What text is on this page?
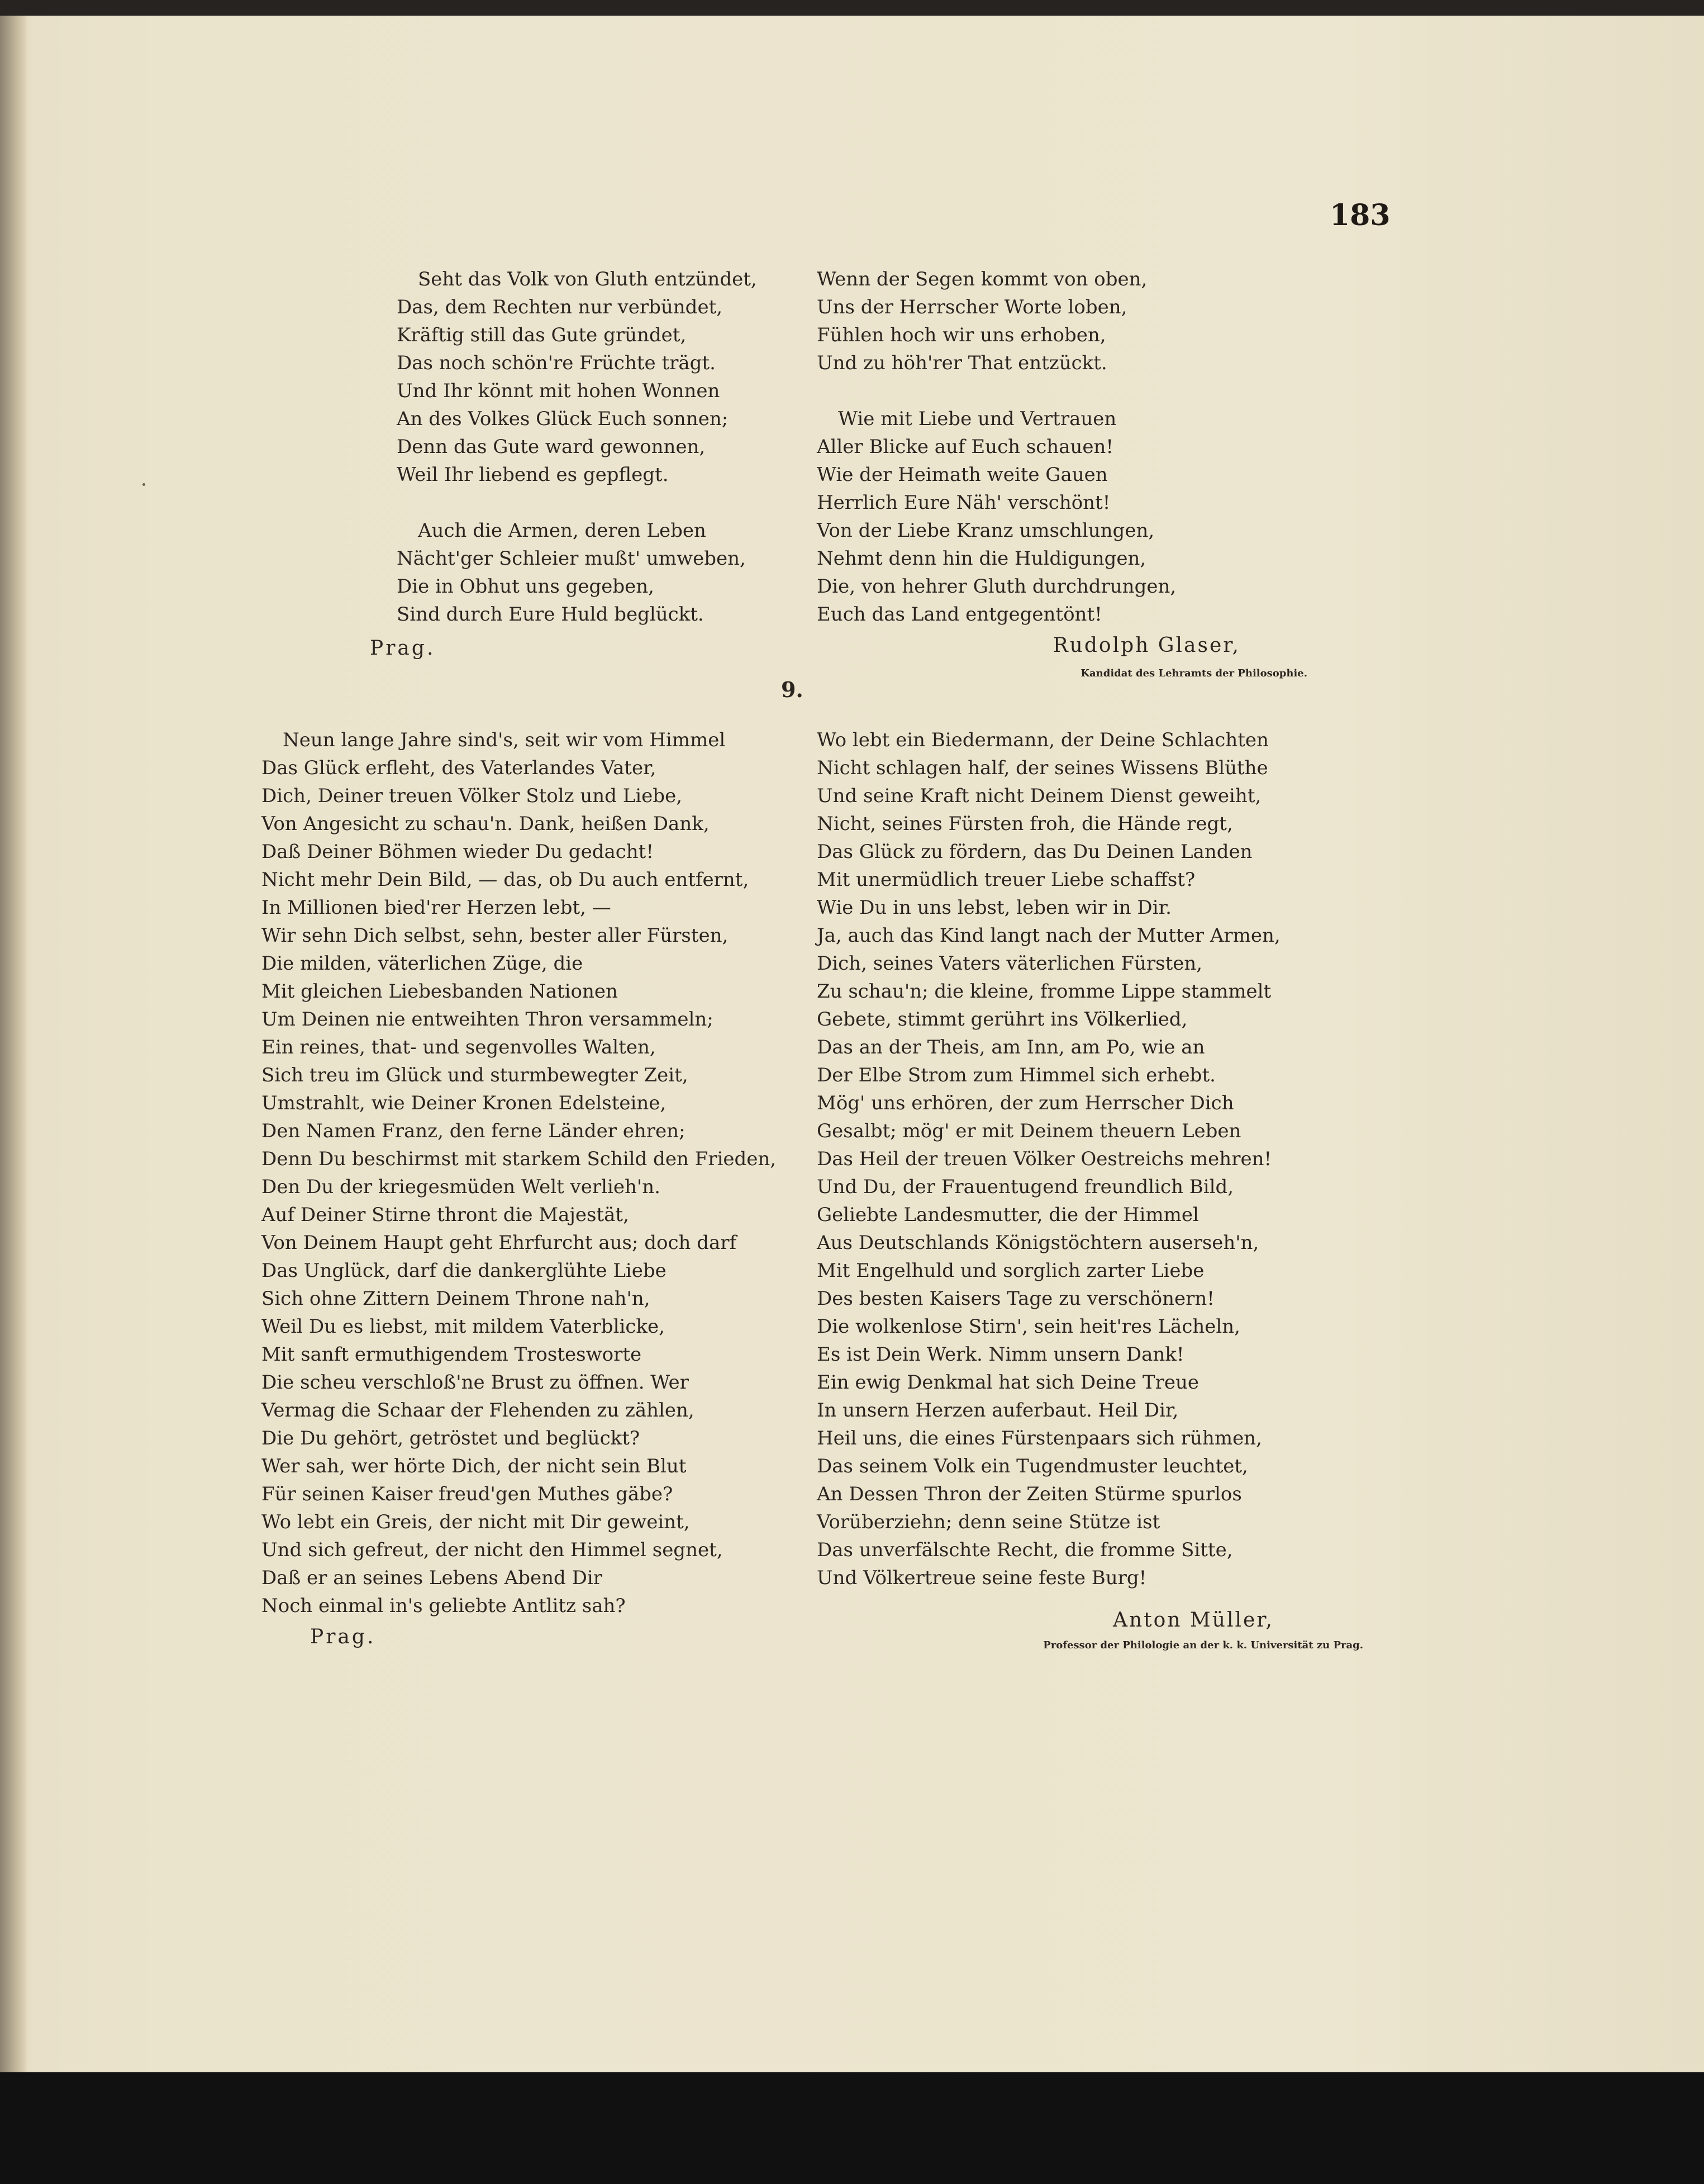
183
Seht das Volk von Gluth entzündet,
Das, dem Rechten nur verbündet,
Kräftig still das Gute gründet,
Das noch schön're Früchte trägt.
Und Ihr könnt mit hohen Wonnen
An des Volkes Glück Euch sonnen;
Denn das Gute ward gewonnen,
Weil Ihr liebend es gepflegt.
Auch die Armen, deren Leben
Nächt'ger Schleier mußt' umweben,
Die in Obhut uns gegeben,
Sind durch Eure Huld beglückt.
Prag.
Wenn der Segen kommt von oben,
Uns der Herrscher Worte loben,
Fühlen hoch wir uns erhoben,
Und zu höh'rer That entzückt.
Wie mit Liebe und Vertrauen
Aller Blicke auf Euch schauen!
Wie der Heimath weite Gauen
Herrlich Eure Näh' verschönt!
Von der Liebe Kranz umschlungen,
Nehmt denn hin die Huldigungen,
Die, von hehrer Gluth durchdrungen,
Euch das Land entgegentönt!
Rudolph Glaser,
Kandidat des Lehramts der Philosophie.
9.
Neun lange Jahre sind's, seit wir vom Himmel
Das Glück erfleht, des Vaterlandes Vater,
Dich, Deiner treuen Völker Stolz und Liebe,
Von Angesicht zu schau'n. Dank, heißen Dank,
Daß Deiner Böhmen wieder Du gedacht!
Nicht mehr Dein Bild, — das, ob Du auch entfernt,
In Millionen bied'rer Herzen lebt, —
Wir sehn Dich selbst, sehn, bester aller Fürsten,
Die milden, väterlichen Züge, die
Mit gleichen Liebesbanden Nationen
Um Deinen nie entweihten Thron versammeln;
Ein reines, that- und segenvolles Walten,
Sich treu im Glück und sturmbewegter Zeit,
Umstrahlt, wie Deiner Kronen Edelsteine,
Den Namen Franz, den ferne Länder ehren;
Denn Du beschirmst mit starkem Schild den Frieden,
Den Du der kriegesmüden Welt verlieh'n.
Auf Deiner Stirne thront die Majestät,
Von Deinem Haupt geht Ehrfurcht aus; doch darf
Das Unglück, darf die dankerglühte Liebe
Sich ohne Zittern Deinem Throne nah'n,
Weil Du es liebst, mit mildem Vaterblicke,
Mit sanft ermuthigendem Trosteswortе
Die scheu verschloß'ne Brust zu öffnen. Wer
Vermag die Schaar der Flehenden zu zählen,
Die Du gehört, getröstet und beglückt?
Wer sah, wer hörte Dich, der nicht sein Blut
Für seinen Kaiser freud'gen Muthes gäbe?
Wo lebt ein Greis, der nicht mit Dir geweint,
Und sich gefreut, der nicht den Himmel segnet,
Daß er an seines Lebens Abend Dir
Noch einmal in's geliebte Antlitz sah?
Prag.
Wo lebt ein Biedermann, der Deine Schlachten
Nicht schlagen half, der seines Wissens Blüthe
Und seine Kraft nicht Deinem Dienst geweiht,
Nicht, seines Fürsten froh, die Hände regt,
Das Glück zu fördern, das Du Deinen Landen
Mit unermüdlich treuer Liebe schaffst?
Wie Du in uns lebst, leben wir in Dir.
Ja, auch das Kind langt nach der Mutter Armen,
Dich, seines Vaters väterlichen Fürsten,
Zu schau'n; die kleine, fromme Lippe stammelt
Gebete, stimmt gerührt ins Völkerlied,
Das an der Theis, am Inn, am Po, wie an
Der Elbe Strom zum Himmel sich erhebt.
Mög' uns erhören, der zum Herrscher Dich
Gesalbt; mög' er mit Deinem theuern Leben
Das Heil der treuen Völker Oestreichs mehren!
Und Du, der Frauentugend freundlich Bild,
Geliebte Landesmutter, die der Himmel
Aus Deutschlands Königstöchtern auserseh'n,
Mit Engelhuld und sorglich zarter Liebe
Des besten Kaisers Tage zu verschönern!
Die wolkenlose Stirn', sein heit'res Lächeln,
Es ist Dein Werk. Nimm unsern Dank!
Ein ewig Denkmal hat sich Deine Treue
In unsern Herzen auferbaut. Heil Dir,
Heil uns, die eines Fürstenpaars sich rühmen,
Das seinem Volk ein Tugendmuster leuchtet,
An Dessen Thron der Zeiten Stürme spurlos
Vorüberziehn; denn seine Stütze ist
Das unverfälschte Recht, die fromme Sitte,
Und Völkertreue seine feste Burg!
Anton Müller,
Professor der Philologie an der k. k. Universität zu Prag.
